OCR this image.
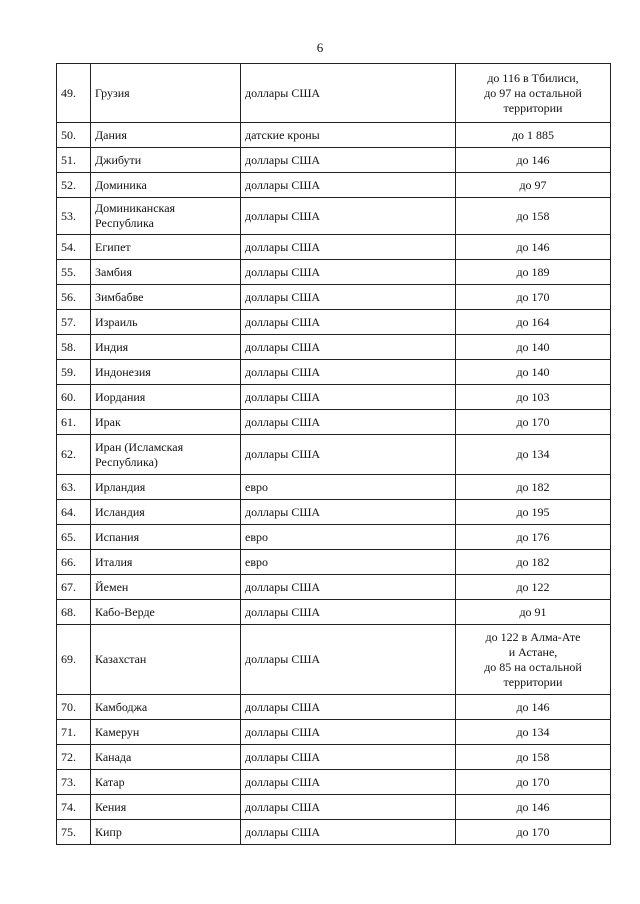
6
49.	Грузия	доллары США	до 116 в Тбилиси,
до 97 на остальной
территории
50.	Дания	датские кроны	до 1 885
51.	Джибути	доллары США	до 146
52.	Доминика	доллары США	до 97
53.	Доминиканская
Республика	доллары США	до 158
54.	Египет	доллары США	до 146
55.	Замбия	доллары США	до 189
56.	Зимбабве	доллары США	до 170
57.	Израиль	доллары США	до 164
58.	Индия	доллары США	до 140
59.	Индонезия	доллары США	до 140
60.	Иордания	доллары США	до 103
61.	Ирак	доллары США	до 170
62.	Иран (Исламская
Республика)	доллары США	до 134
63.	Ирландия	евро	до 182
64.	Исландия	доллары США	до 195
65.	Испания	евро	до 176
66.	Италия	евро	до 182
67.	Йемен	доллары США	до 122
68.	Кабо-Верде	доллары США	до 91
69.	Казахстан	доллары США	до 122 в Алма-Ате
и Астане,
до 85 на остальной
территории
70.	Камбоджа	доллары США	до 146
71.	Камерун	доллары США	до 134
72.	Канада	доллары США	до 158
73.	Катар	доллары США	до 170
74.	Кения	доллары США	до 146
75.	Кипр	доллары США	до 170
